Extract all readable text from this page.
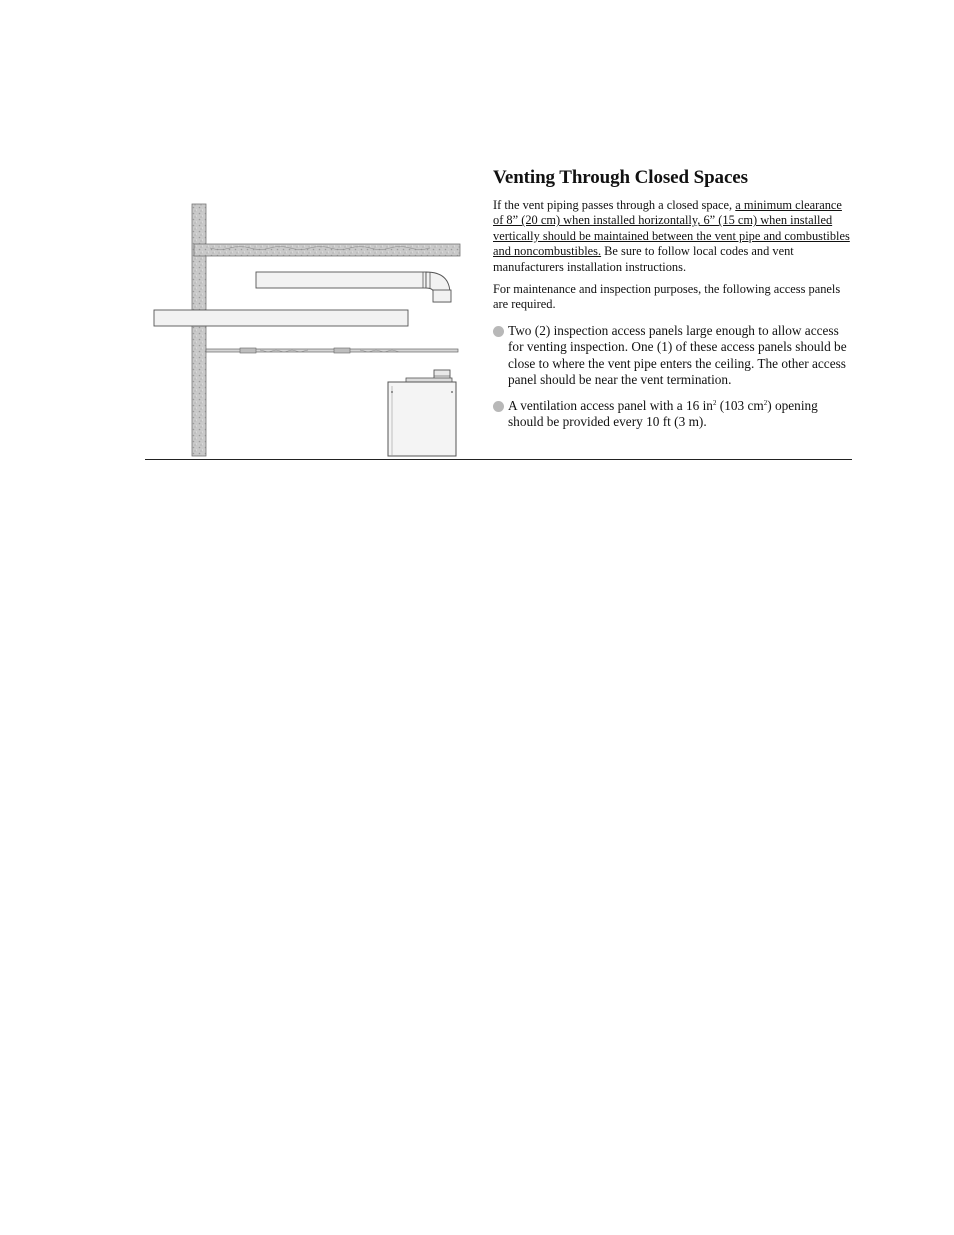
Venting Through Closed Spaces

If the vent piping passes through a closed space, a minimum clearance of 8” (20 cm) when installed horizontally, 6” (15 cm) when installed vertically should be maintained between the vent pipe and combustibles and noncombustibles. Be sure to follow local codes and vent manufacturers installation instructions.

For maintenance and inspection purposes, the following access panels are required.

Two (2) inspection access panels large enough to allow access for venting inspection. One (1) of these access panels should be close to where the vent pipe enters the ceiling. The other access panel should be near the vent termination.
A ventilation access panel with a 16 $in^2$ (103 $cm^2$) opening should be provided every 10 ft (3 m).
